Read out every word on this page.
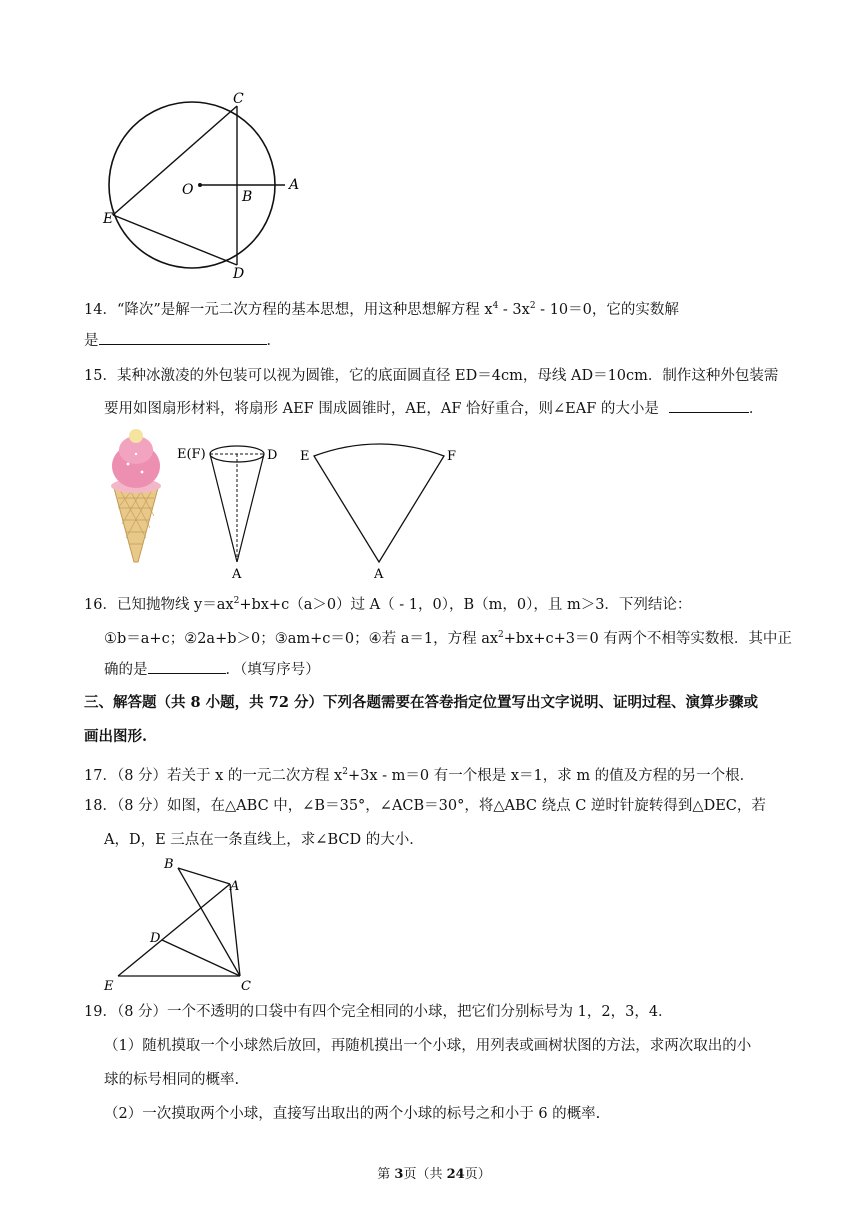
C
O	B
A
E
D
14．“降次”是解一元二次方程的基本思想，用这种思想解方程 $x^4 - 3x^2 - 10=0$，它的实数解
是	．
15．某种冰激凌的外包装可以视为圆锥，它的底面圆直径 ED＝4cm，母线 AD＝10cm．制作这种外包装需
要用如图扇形材料，将扇形 AEF 围成圆锥时，AE，AF 恰好重合，则∠EAF 的大小是	．
E(F)	D
A
E	F
A
16．已知抛物线 $y=ax^2+bx+c(a>0)$过 A（ - 1，0），B（m，0），且 m＞3．下列结论：
①b＝a+c；②2a+b＞0；③am+c＝0；④若 a＝1，方程 $ax^2+bx+c+3=0$ 有两个不相等实数根．其中正
确的是	．（填写序号）
三、解答题（共 8 小题，共 72 分）下列各题需要在答卷指定位置写出文字说明、证明过程、演算步骤或
画出图形.
17．（8 分）若关于 x 的一元二次方程 $x^2+3x - m=0$ 有一个根是 x＝1，求 m 的值及方程的另一个根．
18．（8 分）如图，在△ABC 中，∠B＝35°，∠ACB＝30°，将△ABC 绕点 C 逆时针旋转得到△DEC，若
A，D，E 三点在一条直线上，求∠BCD 的大小．
B
A
D
E	C
19．（8 分）一个不透明的口袋中有四个完全相同的小球，把它们分别标号为 1，2，3，4．
（1）随机摸取一个小球然后放回，再随机摸出一个小球，用列表或画树状图的方法，求两次取出的小
球的标号相同的概率.
（2）一次摸取两个小球，直接写出取出的两个小球的标号之和小于 6 的概率.
第 3页（共 24页）
